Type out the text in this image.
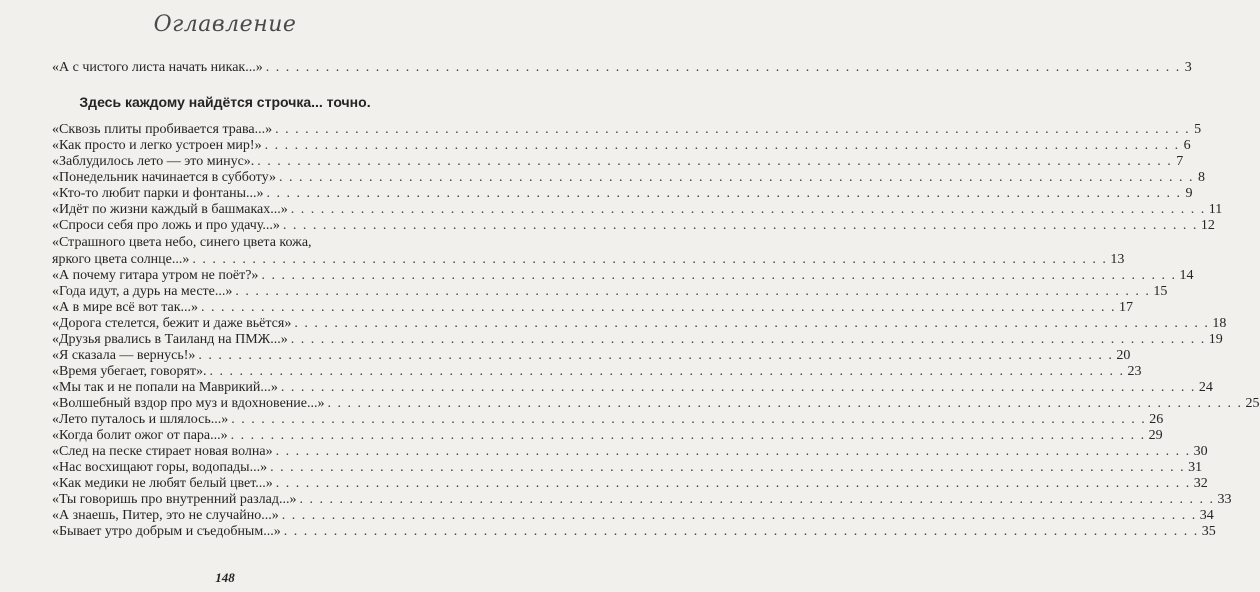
Оглавление
«А с чистого листа начать никак...» . . . . . . . . . . . . . . . . . . . . . . . . . . . . . . . . . . . . . . . . . . . . . . . . . . . . . . . . . . . . . . . . . . . . . . . . . . . . . . . . . . . . . . . . . . . . 3
Здесь каждому найдётся строчка... точно.
«Сквозь плиты пробивается трава...» . . . . . . . . . . . . . . . . . . . . . . . . . . . . . . . . . . . . . . . . . . . . . . . . . . . . . . . . . . . . . . . . . . . . . . . . . . . . . . . . . . . . . . . . . . . . 5
«Как просто и легко устроен мир!» . . . . . . . . . . . . . . . . . . . . . . . . . . . . . . . . . . . . . . . . . . . . . . . . . . . . . . . . . . . . . . . . . . . . . . . . . . . . . . . . . . . . . . . . . . . . 6
«Заблудилось лето — это минус». . . . . . . . . . . . . . . . . . . . . . . . . . . . . . . . . . . . . . . . . . . . . . . . . . . . . . . . . . . . . . . . . . . . . . . . . . . . . . . . . . . . . . . . . . . . . 7
«Понедельник начинается в субботу» . . . . . . . . . . . . . . . . . . . . . . . . . . . . . . . . . . . . . . . . . . . . . . . . . . . . . . . . . . . . . . . . . . . . . . . . . . . . . . . . . . . . . . . . . . . . 8
«Кто-то любит парки и фонтаны...» . . . . . . . . . . . . . . . . . . . . . . . . . . . . . . . . . . . . . . . . . . . . . . . . . . . . . . . . . . . . . . . . . . . . . . . . . . . . . . . . . . . . . . . . . . . . 9
«Идёт по жизни каждый в башмаках...» . . . . . . . . . . . . . . . . . . . . . . . . . . . . . . . . . . . . . . . . . . . . . . . . . . . . . . . . . . . . . . . . . . . . . . . . . . . . . . . . . . . . . . . . . . . . 11
«Спроси себя про ложь и про удачу...» . . . . . . . . . . . . . . . . . . . . . . . . . . . . . . . . . . . . . . . . . . . . . . . . . . . . . . . . . . . . . . . . . . . . . . . . . . . . . . . . . . . . . . . . . . . . 12
«Страшного цвета небо, синего цвета кожа,
яркого цвета солнце...» . . . . . . . . . . . . . . . . . . . . . . . . . . . . . . . . . . . . . . . . . . . . . . . . . . . . . . . . . . . . . . . . . . . . . . . . . . . . . . . . . . . . . . . . . . . . 13
«А почему гитара утром не поёт?» . . . . . . . . . . . . . . . . . . . . . . . . . . . . . . . . . . . . . . . . . . . . . . . . . . . . . . . . . . . . . . . . . . . . . . . . . . . . . . . . . . . . . . . . . . . . 14
«Года идут, а дурь на месте...» . . . . . . . . . . . . . . . . . . . . . . . . . . . . . . . . . . . . . . . . . . . . . . . . . . . . . . . . . . . . . . . . . . . . . . . . . . . . . . . . . . . . . . . . . . . . 15
«А в мире всё вот так...» . . . . . . . . . . . . . . . . . . . . . . . . . . . . . . . . . . . . . . . . . . . . . . . . . . . . . . . . . . . . . . . . . . . . . . . . . . . . . . . . . . . . . . . . . . . . 17
«Дорога стелется, бежит и даже вьётся» . . . . . . . . . . . . . . . . . . . . . . . . . . . . . . . . . . . . . . . . . . . . . . . . . . . . . . . . . . . . . . . . . . . . . . . . . . . . . . . . . . . . . . . . . . . . 18
«Друзья рвались в Таиланд на ПМЖ...» . . . . . . . . . . . . . . . . . . . . . . . . . . . . . . . . . . . . . . . . . . . . . . . . . . . . . . . . . . . . . . . . . . . . . . . . . . . . . . . . . . . . . . . . . . . . 19
«Я сказала — вернусь!» . . . . . . . . . . . . . . . . . . . . . . . . . . . . . . . . . . . . . . . . . . . . . . . . . . . . . . . . . . . . . . . . . . . . . . . . . . . . . . . . . . . . . . . . . . . . 20
«Время убегает, говорят». . . . . . . . . . . . . . . . . . . . . . . . . . . . . . . . . . . . . . . . . . . . . . . . . . . . . . . . . . . . . . . . . . . . . . . . . . . . . . . . . . . . . . . . . . . . . 23
«Мы так и не попали на Маврикий...» . . . . . . . . . . . . . . . . . . . . . . . . . . . . . . . . . . . . . . . . . . . . . . . . . . . . . . . . . . . . . . . . . . . . . . . . . . . . . . . . . . . . . . . . . . . . 24
«Волшебный вздор про муз и вдохновение...» . . . . . . . . . . . . . . . . . . . . . . . . . . . . . . . . . . . . . . . . . . . . . . . . . . . . . . . . . . . . . . . . . . . . . . . . . . . . . . . . . . . . . . . . . . . . 25
«Лето путалось и шлялось...» . . . . . . . . . . . . . . . . . . . . . . . . . . . . . . . . . . . . . . . . . . . . . . . . . . . . . . . . . . . . . . . . . . . . . . . . . . . . . . . . . . . . . . . . . . . . 26
«Когда болит ожог от пара...» . . . . . . . . . . . . . . . . . . . . . . . . . . . . . . . . . . . . . . . . . . . . . . . . . . . . . . . . . . . . . . . . . . . . . . . . . . . . . . . . . . . . . . . . . . . . 29
«След на песке стирает новая волна» . . . . . . . . . . . . . . . . . . . . . . . . . . . . . . . . . . . . . . . . . . . . . . . . . . . . . . . . . . . . . . . . . . . . . . . . . . . . . . . . . . . . . . . . . . . . 30
«Нас восхищают горы, водопады...» . . . . . . . . . . . . . . . . . . . . . . . . . . . . . . . . . . . . . . . . . . . . . . . . . . . . . . . . . . . . . . . . . . . . . . . . . . . . . . . . . . . . . . . . . . . . 31
«Как медики не любят белый цвет...» . . . . . . . . . . . . . . . . . . . . . . . . . . . . . . . . . . . . . . . . . . . . . . . . . . . . . . . . . . . . . . . . . . . . . . . . . . . . . . . . . . . . . . . . . . . . 32
«Ты говоришь про внутренний разлад...» . . . . . . . . . . . . . . . . . . . . . . . . . . . . . . . . . . . . . . . . . . . . . . . . . . . . . . . . . . . . . . . . . . . . . . . . . . . . . . . . . . . . . . . . . . . . 33
«А знаешь, Питер, это не случайно...» . . . . . . . . . . . . . . . . . . . . . . . . . . . . . . . . . . . . . . . . . . . . . . . . . . . . . . . . . . . . . . . . . . . . . . . . . . . . . . . . . . . . . . . . . . . . 34
«Бывает утро добрым и съедобным...» . . . . . . . . . . . . . . . . . . . . . . . . . . . . . . . . . . . . . . . . . . . . . . . . . . . . . . . . . . . . . . . . . . . . . . . . . . . . . . . . . . . . . . . . . . . . 35
148
